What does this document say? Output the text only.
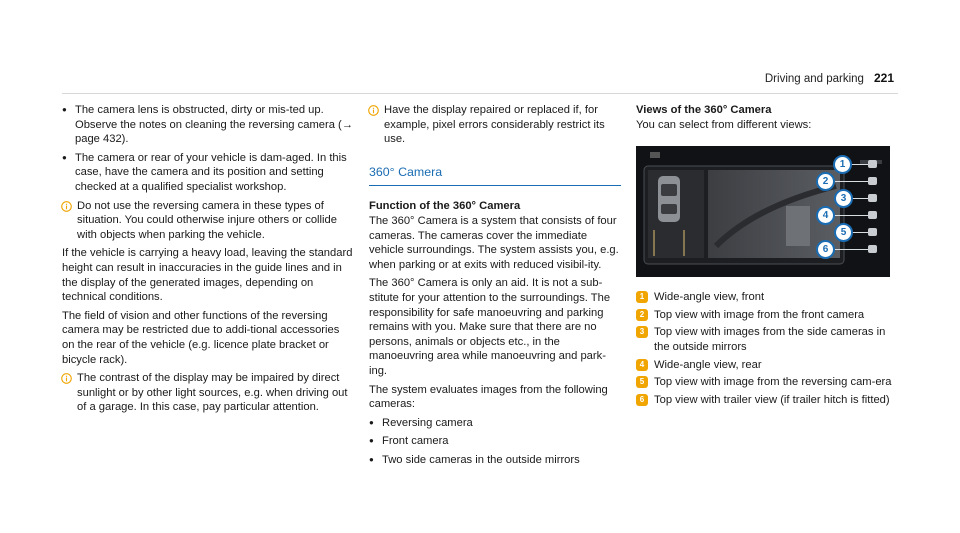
Driving and parking 221
● The camera lens is obstructed, dirty or mis-ted up. Observe the notes on cleaning the reversing camera (→ page 432).
● The camera or rear of your vehicle is dam-aged. In this case, have the camera and its position and setting checked at a qualified specialist workshop.
Do not use the reversing camera in these types of situation. You could otherwise injure others or collide with objects when parking the vehicle.

If the vehicle is carrying a heavy load, leaving the standard height can result in inaccuracies in the guide lines and in the display of the generated images, depending on technical conditions.

The field of vision and other functions of the reversing camera may be restricted due to addi-tional accessories on the rear of the vehicle (e.g. licence plate bracket or bicycle rack).

The contrast of the display may be impaired by direct sunlight or by other light sources, e.g. when driving out of a garage. In this case, pay particular attention.
Have the display repaired or replaced if, for example, pixel errors considerably restrict its use.
360° Camera
Function of the 360° Camera

The 360° Camera is a system that consists of four cameras. The cameras cover the immediate vehicle surroundings. The system assists you, e.g. when parking or at exits with reduced visibil-ity.

The 360° Camera is only an aid. It is not a sub-stitute for your attention to the surroundings. The responsibility for safe manoeuvring and parking remains with you. Make sure that there are no persons, animals or objects etc., in the manoeuvring area while manoeuvring and park-ing.

The system evaluates images from the following cameras:

● Reversing camera
● Front camera
● Two side cameras in the outside mirrors
Views of the 360° Camera

You can select from different views:

1
2
3
4
5
6
1 Wide-angle view, front
2 Top view with image from the front camera
3 Top view with images from the side cameras in the outside mirrors
4 Wide-angle view, rear
5 Top view with image from the reversing cam-era
6 Top view with trailer view (if trailer hitch is fitted)
